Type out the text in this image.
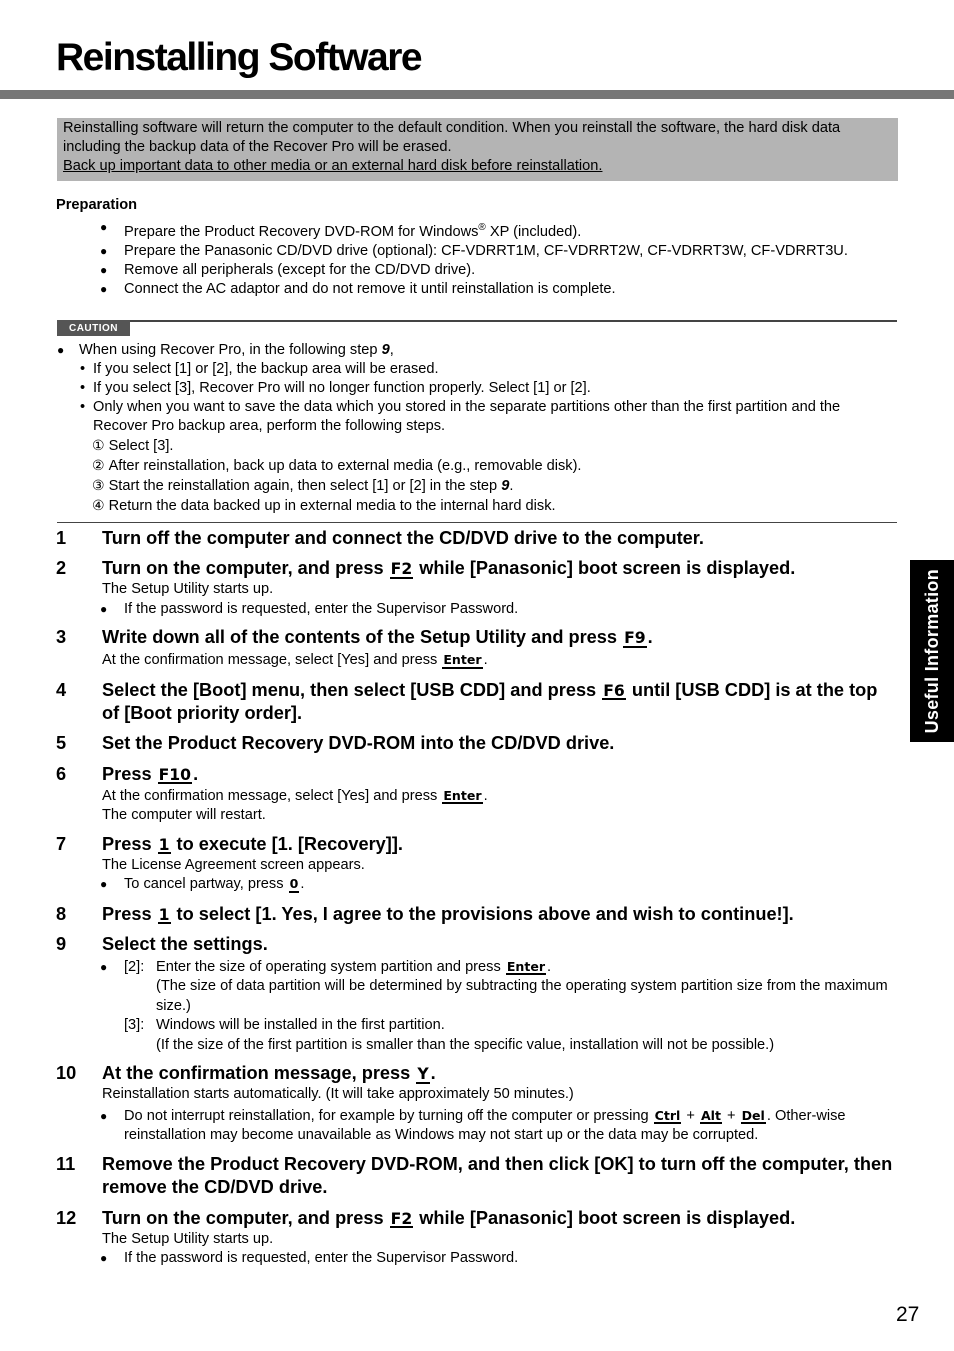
Reinstalling Software
Reinstalling software will return the computer to the default condition. When you reinstall the software, the hard disk data including the backup data of the Recover Pro will be erased.
Back up important data to other media or an external hard disk before reinstallation.
Preparation
● Prepare the Product Recovery DVD-ROM for Windows® XP (included).
● Prepare the Panasonic CD/DVD drive (optional): CF-VDRRT1M, CF-VDRRT2W, CF-VDRRT3W, CF-VDRRT3U.
● Remove all peripherals (except for the CD/DVD drive).
● Connect the AC adaptor and do not remove it until reinstallation is complete.
CAUTION
● When using Recover Pro, in the following step 9,
• If you select [1] or [2], the backup area will be erased.
• If you select [3], Recover Pro will no longer function properly. Select [1] or [2].
• Only when you want to save the data which you stored in the separate partitions other than the first partition and the Recover Pro backup area, perform the following steps.
① Select [3].
② After reinstallation, back up data to external media (e.g., removable disk).
③ Start the reinstallation again, then select [1] or [2] in the step 9.
④ Return the data backed up in external media to the internal hard disk.
1 Turn off the computer and connect the CD/DVD drive to the computer.
2 Turn on the computer, and press F2 while [Panasonic] boot screen is displayed.
The Setup Utility starts up.
● If the password is requested, enter the Supervisor Password.
3 Write down all of the contents of the Setup Utility and press F9 .
At the confirmation message, select [Yes] and press Enter .
4 Select the [Boot] menu, then select [USB CDD] and press F6 until [USB CDD] is at the top of [Boot priority order].
5 Set the Product Recovery DVD-ROM into the CD/DVD drive.
6 Press F10 .
At the confirmation message, select [Yes] and press Enter .
The computer will restart.
7 Press 1 to execute [1. [Recovery]].
The License Agreement screen appears.
● To cancel partway, press 0 .
8 Press 1 to select [1. Yes, I agree to the provisions above and wish to continue!].
9 Select the settings.
● [2]: Enter the size of operating system partition and press Enter .
(The size of data partition will be determined by subtracting the operating system partition size from the maximum size.)
[3]: Windows will be installed in the first partition.
(If the size of the first partition is smaller than the specific value, installation will not be possible.)
10 At the confirmation message, press Y .
Reinstallation starts automatically. (It will take approximately 50 minutes.)
● Do not interrupt reinstallation, for example by turning off the computer or pressing Ctrl + Alt + Del . Other-wise reinstallation may become unavailable as Windows may not start up or the data may be corrupted.
11 Remove the Product Recovery DVD-ROM, and then click [OK] to turn off the computer, then remove the CD/DVD drive.
12 Turn on the computer, and press F2 while [Panasonic] boot screen is displayed.
The Setup Utility starts up.
● If the password is requested, enter the Supervisor Password.
Useful Information
27
